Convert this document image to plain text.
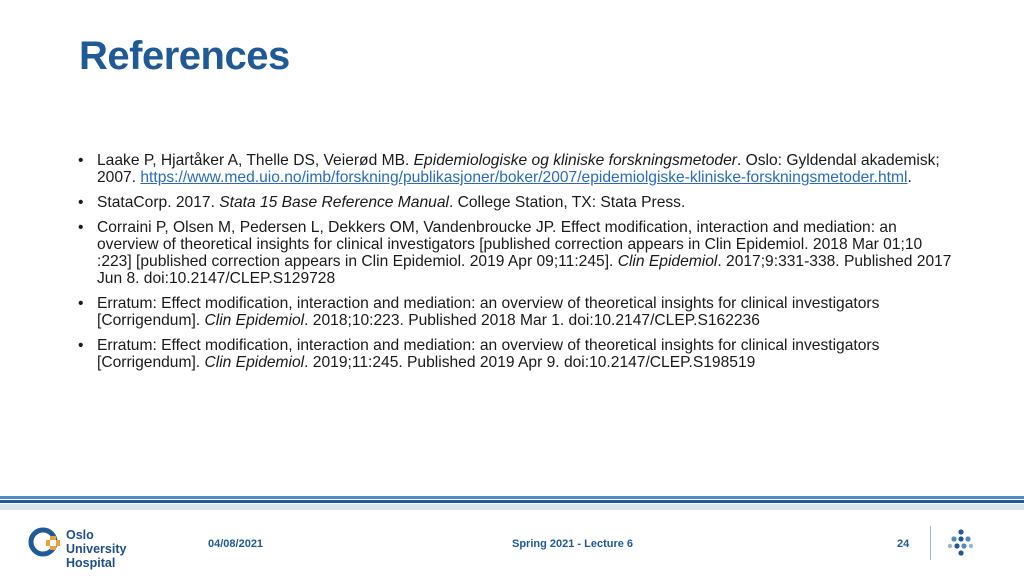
References
• Laake P, Hjartåker A, Thelle DS, Veierød MB. Epidemiologiske og kliniske forskningsmetoder. Oslo: Gyldendal akademisk; 2007. https://www.med.uio.no/imb/forskning/publikasjoner/boker/2007/epidemiolgiske-kliniske-forskningsmetoder.html.
• StataCorp. 2017. Stata 15 Base Reference Manual. College Station, TX: Stata Press.
• Corraini P, Olsen M, Pedersen L, Dekkers OM, Vandenbroucke JP. Effect modification, interaction and mediation: an overview of theoretical insights for clinical investigators [published correction appears in Clin Epidemiol. 2018 Mar 01;10 :223] [published correction appears in Clin Epidemiol. 2019 Apr 09;11:245]. Clin Epidemiol. 2017;9:331-338. Published 2017 Jun 8. doi:10.2147/CLEP.S129728
• Erratum: Effect modification, interaction and mediation: an overview of theoretical insights for clinical investigators [Corrigendum]. Clin Epidemiol. 2018;10:223. Published 2018 Mar 1. doi:10.2147/CLEP.S162236
• Erratum: Effect modification, interaction and mediation: an overview of theoretical insights for clinical investigators [Corrigendum]. Clin Epidemiol. 2019;11:245. Published 2019 Apr 9. doi:10.2147/CLEP.S198519
Oslo
University Hospital
04/08/2021	Spring 2021 - Lecture 6	24
